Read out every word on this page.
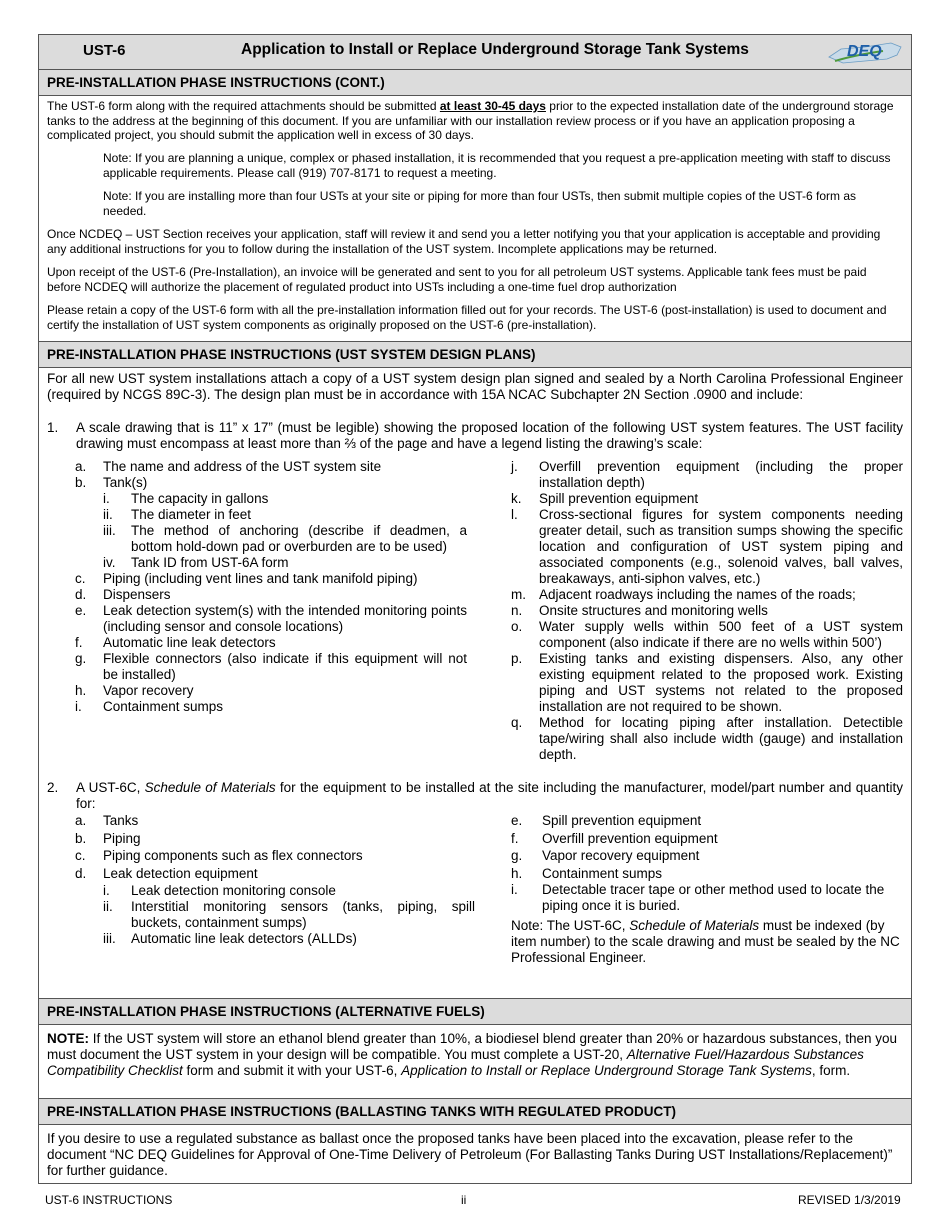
UST-6	Application to Install or Replace Underground Storage Tank Systems	DEQ
PRE-INSTALLATION PHASE INSTRUCTIONS (CONT.)

The UST-6 form along with the required attachments should be submitted at least 30-45 days prior to the expected installation date of the underground storage tanks to the address at the beginning of this document. If you are unfamiliar with our installation review process or if you have an application proposing a complicated project, you should submit the application well in excess of 30 days.

Note: If you are planning a unique, complex or phased installation, it is recommended that you request a pre-application meeting with staff to discuss applicable requirements. Please call (919) 707-8171 to request a meeting.

Note: If you are installing more than four USTs at your site or piping for more than four USTs, then submit multiple copies of the UST-6 form as needed.

Once NCDEQ – UST Section receives your application, staff will review it and send you a letter notifying you that your application is acceptable and providing any additional instructions for you to follow during the installation of the UST system. Incomplete applications may be returned.

Upon receipt of the UST-6 (Pre-Installation), an invoice will be generated and sent to you for all petroleum UST systems. Applicable tank fees must be paid before NCDEQ will authorize the placement of regulated product into USTs including a one-time fuel drop authorization

Please retain a copy of the UST-6 form with all the pre-installation information filled out for your records. The UST-6 (post-installation) is used to document and certify the installation of UST system components as originally proposed on the UST-6 (pre-installation).

PRE-INSTALLATION PHASE INSTRUCTIONS (UST SYSTEM DESIGN PLANS)

For all new UST system installations attach a copy of a UST system design plan signed and sealed by a North Carolina Professional Engineer (required by NCGS 89C-3). The design plan must be in accordance with 15A NCAC Subchapter 2N Section .0900 and include:

1. A scale drawing that is 11” x 17” (must be legible) showing the proposed location of the following UST system features. The UST facility drawing must encompass at least more than ⅔ of the page and have a legend listing the drawing’s scale:

a. The name and address of the UST system site
b. Tank(s)
i. The capacity in gallons
ii. The diameter in feet
iii. The method of anchoring (describe if deadmen, a bottom hold-down pad or overburden are to be used)
iv. Tank ID from UST-6A form
c. Piping (including vent lines and tank manifold piping)
d. Dispensers
e. Leak detection system(s) with the intended monitoring points (including sensor and console locations)
f. Automatic line leak detectors
g. Flexible connectors (also indicate if this equipment will not be installed)
h. Vapor recovery
i. Containment sumps
j. Overfill prevention equipment (including the proper installation depth)
k. Spill prevention equipment
l. Cross-sectional figures for system components needing greater detail, such as transition sumps showing the specific location and configuration of UST system piping and associated components (e.g., solenoid valves, ball valves, breakaways, anti-siphon valves, etc.)
m. Adjacent roadways including the names of the roads;
n. Onsite structures and monitoring wells
o. Water supply wells within 500 feet of a UST system component (also indicate if there are no wells within 500’)
p. Existing tanks and existing dispensers. Also, any other existing equipment related to the proposed work. Existing piping and UST systems not related to the proposed installation are not required to be shown.
q. Method for locating piping after installation. Detectible tape/wiring shall also include width (gauge) and installation depth.
2. A UST-6C, Schedule of Materials for the equipment to be installed at the site including the manufacturer, model/part number and quantity for:

a. Tanks
b. Piping
c. Piping components such as flex connectors
d. Leak detection equipment
i. Leak detection monitoring console
ii. Interstitial monitoring sensors (tanks, piping, spill buckets, containment sumps)
iii. Automatic line leak detectors (ALLDs)
e. Spill prevention equipment
f. Overfill prevention equipment
g. Vapor recovery equipment
h. Containment sumps
i. Detectable tracer tape or other method used to locate the piping once it is buried.

Note: The UST-6C, Schedule of Materials must be indexed (by item number) to the scale drawing and must be sealed by the NC Professional Engineer.

PRE-INSTALLATION PHASE INSTRUCTIONS (ALTERNATIVE FUELS)

NOTE: If the UST system will store an ethanol blend greater than 10%, a biodiesel blend greater than 20% or hazardous substances, then you must document the UST system in your design will be compatible. You must complete a UST-20, Alternative Fuel/Hazardous Substances Compatibility Checklist form and submit it with your UST-6, Application to Install or Replace Underground Storage Tank Systems, form.

PRE-INSTALLATION PHASE INSTRUCTIONS (BALLASTING TANKS WITH REGULATED PRODUCT)

If you desire to use a regulated substance as ballast once the proposed tanks have been placed into the excavation, please refer to the document “NC DEQ Guidelines for Approval of One-Time Delivery of Petroleum (For Ballasting Tanks During UST Installations/Replacement)” for further guidance.

UST-6 INSTRUCTIONS	ii	REVISED 1/3/2019
